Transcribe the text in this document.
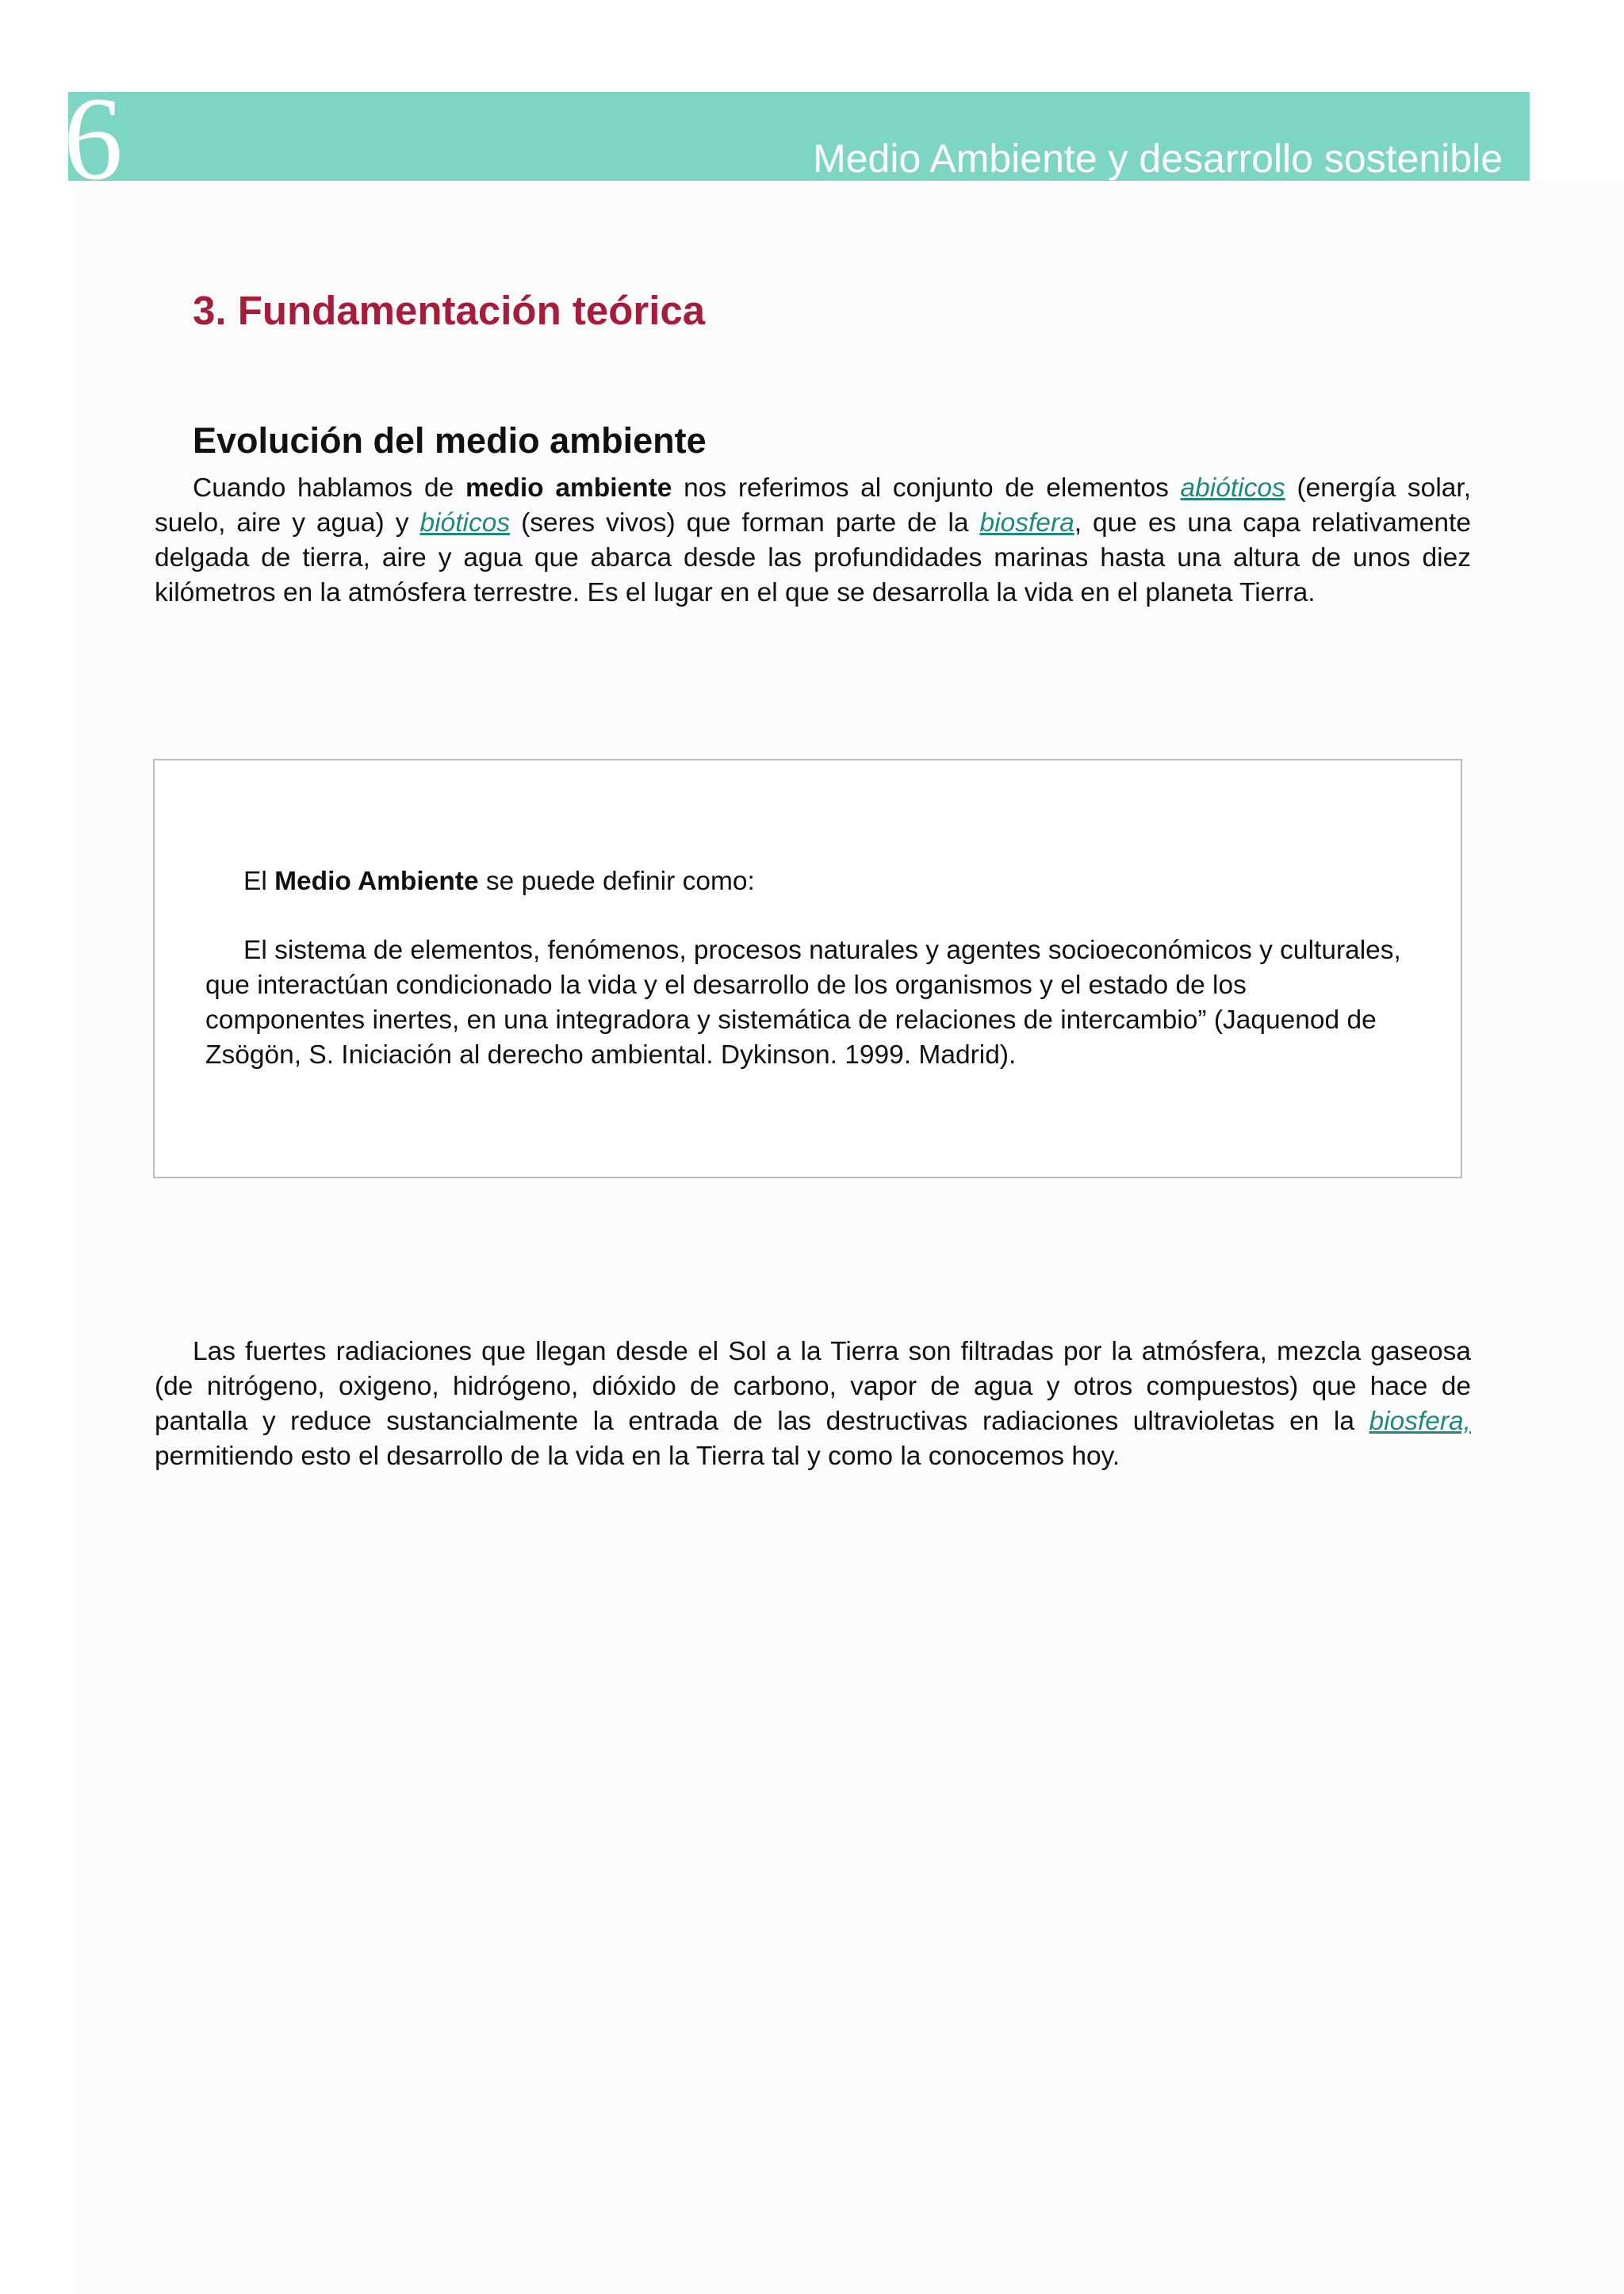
6	Medio Ambiente y desarrollo sostenible
3. Fundamentación teórica
Evolución del medio ambiente

Cuando hablamos de medio ambiente nos referimos al conjunto de elementos abióticos (energía solar, suelo, aire y agua) y bióticos (seres vivos) que forman parte de la biosfera, que es una capa relativamente delgada de tierra, aire y agua que abarca desde las profundidades marinas hasta una altura de unos diez kilómetros en la atmósfera terrestre. Es el lugar en el que se desarrolla la vida en el planeta Tierra.

El Medio Ambiente se puede definir como:
El sistema de elementos, fenómenos, procesos naturales y agentes socioeconómicos y culturales, que interactúan condicionado la vida y el desarrollo de los organismos y el estado de los componentes inertes, en una integradora y sistemática de relaciones de intercambio” (Jaquenod de Zsögön, S. Iniciación al derecho ambiental. Dykinson. 1999. Madrid).

Las fuertes radiaciones que llegan desde el Sol a la Tierra son filtradas por la atmósfera, mezcla gaseosa (de nitrógeno, oxigeno, hidrógeno, dióxido de carbono, vapor de agua y otros compuestos) que hace de pantalla y reduce sustancialmente la entrada de las destructivas radiaciones ultravioletas en la biosfera, permitiendo esto el desarrollo de la vida en la Tierra tal y como la conocemos hoy.
